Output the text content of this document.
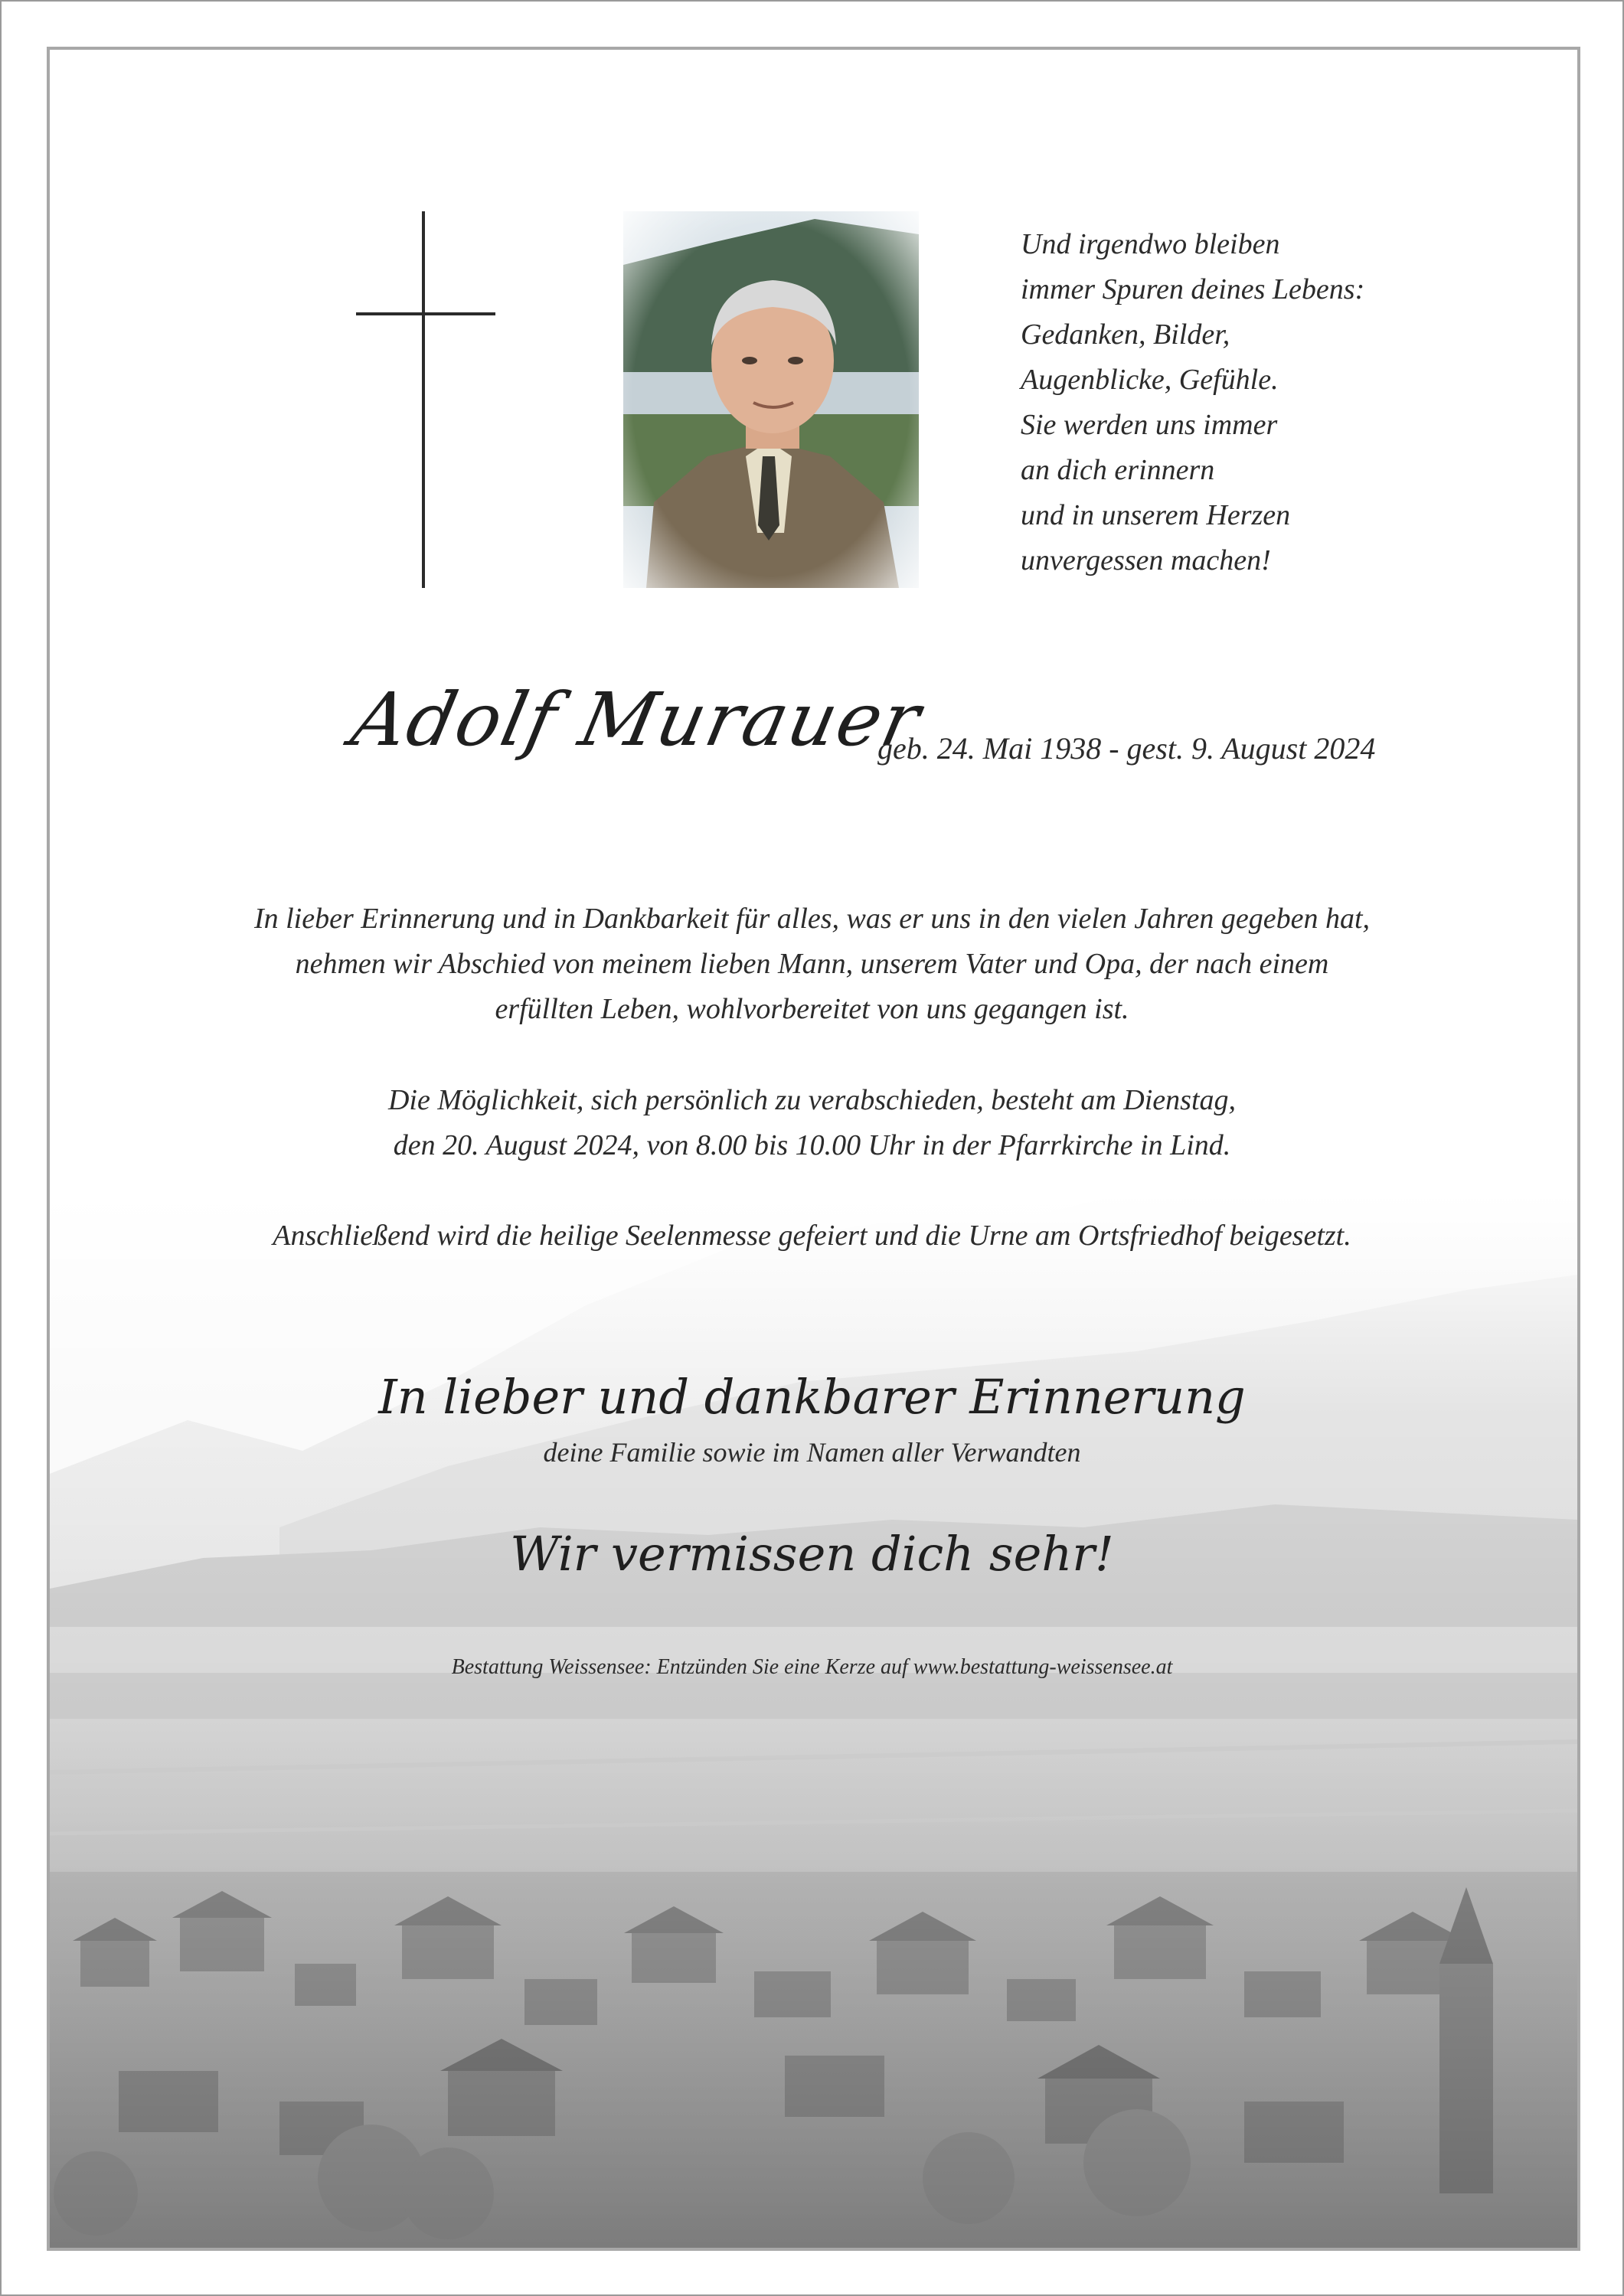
Und irgendwo bleiben
immer Spuren deines Lebens:
Gedanken, Bilder,
Augenblicke, Gefühle.
Sie werden uns immer
an dich erinnern
und in unserem Herzen
unvergessen machen!
Adolf Murauer
geb. 24. Mai 1938 - gest. 9. August 2024
In lieber Erinnerung und in Dankbarkeit für alles, was er uns in den vielen Jahren gegeben hat,
nehmen wir Abschied von meinem lieben Mann, unserem Vater und Opa, der nach einem
erfüllten Leben, wohlvorbereitet von uns gegangen ist.
Die Möglichkeit, sich persönlich zu verabschieden, besteht am Dienstag,
den 20. August 2024, von 8.00 bis 10.00 Uhr in der Pfarrkirche in Lind.
Anschließend wird die heilige Seelenmesse gefeiert und die Urne am Ortsfriedhof beigesetzt.
In lieber und dankbarer Erinnerung
deine Familie sowie im Namen aller Verwandten
Wir vermissen dich sehr!
Bestattung Weissensee: Entzünden Sie eine Kerze auf www.bestattung-weissensee.at
